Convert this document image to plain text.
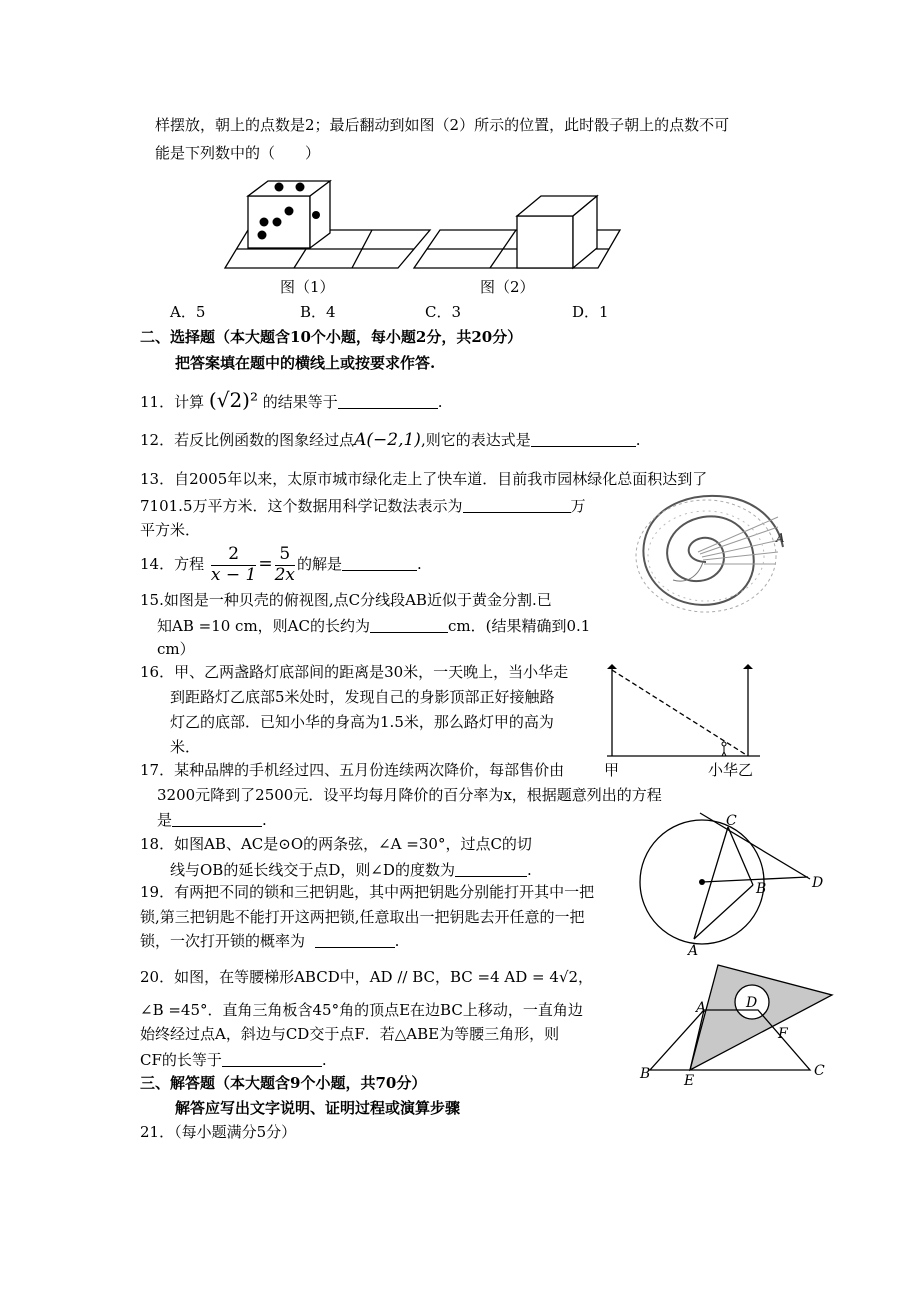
样摆放，朝上的点数是2；最后翻动到如图（2）所示的位置，此时骰子朝上的点数不可
能是下列数中的（　　）
图（1）	图（2）
A．5	B．4	C．3	D．1
二、选择题（本大题含10个小题，每小题2分，共20分）
把答案填在题中的横线上或按要求作答.
11．计算 (√2)² 的结果等于	.
12．若反比例函数的图象经过点A(−2,1),则它的表达式是	.
13．自2005年以来，太原市城市绿化走上了快车道．目前我市园林绿化总面积达到了
7101.5万平方米．这个数据用科学记数法表示为	万
平方米．
14．方程 $\frac{2}{x - 1} = \frac{5}{2x}$ 的解是	.
A
15.如图是一种贝壳的俯视图,点C分线段AB近似于黄金分割.已
知AB =10 cm，则AC的长约为	cm．(结果精确到0.1
cm）
16．甲、乙两盏路灯底部间的距离是30米，一天晚上，当小华走
到距路灯乙底部5米处时，发现自己的身影顶部正好接触路
灯乙的底部．已知小华的身高为1.5米，那么路灯甲的高为
米．
甲	小华乙
17．某种品牌的手机经过四、五月份连续两次降价，每部售价由
3200元降到了2500元．设平均每月降价的百分率为x，根据题意列出的方程
是	.
18．如图AB、AC是⊙O的两条弦，∠A =30°，过点C的切
线与OB的延长线交于点D，则∠D的度数为	.
C
D
B
A
19．有两把不同的锁和三把钥匙，其中两把钥匙分别能打开其中一把
锁,第三把钥匙不能打开这两把锁,任意取出一把钥匙去开任意的一把
锁，一次打开锁的概率为	.
20．如图，在等腰梯形ABCD中，AD // BC，BC =4 AD = 4√2，
∠B =45°．直角三角板含45°角的顶点E在边BC上移动，一直角边
始终经过点A，斜边与CD交于点F．若△ABE为等腰三角形，则
CF的长等于	.
A	D
F
B E
C
三、解答题（本大题含9个小题，共70分）
解答应写出文字说明、证明过程或演算步骤
21．（每小题满分5分）
